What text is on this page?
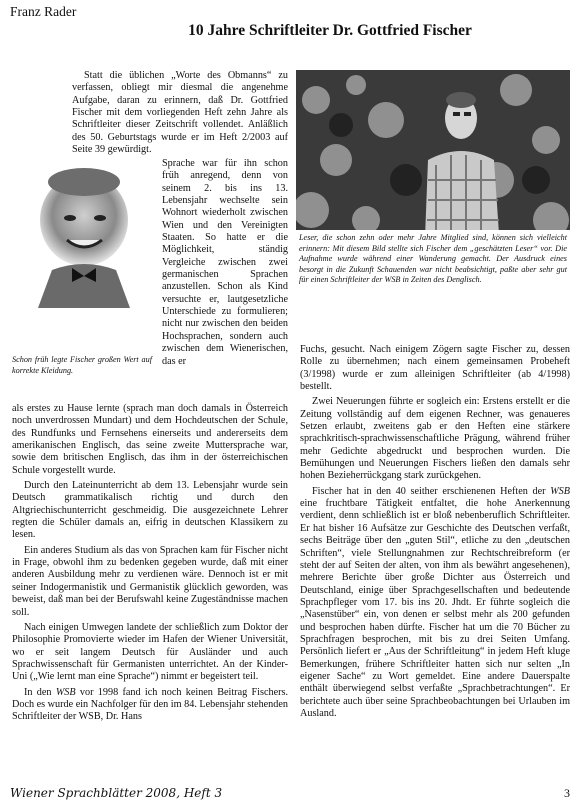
Franz Rader
10 Jahre Schriftleiter Dr. Gottfried Fischer

Statt die üblichen „Worte des Obmanns“ zu verfassen, obliegt mir diesmal die angenehme Aufgabe, daran zu erinnern, daß Dr. Gottfried Fischer mit dem vorliegenden Heft zehn Jahre als Schriftleiter dieser Zeitschrift vollendet. Anläßlich des 50. Geburtstags wurde er im Heft 2/2003 auf Seite 39 gewürdigt.

Sprache war für ihn schon früh anregend, denn von seinem 2. bis ins 13. Lebensjahr wechselte sein Wohnort wiederholt zwischen Wien und den Vereinigten Staaten. So hatte er die Möglichkeit, ständig Vergleiche zwischen zwei germanischen Sprachen anzustellen. Schon als Kind versuchte er, lautgesetzliche Unterschiede zu formulieren; nicht nur zwischen den beiden Hochsprachen, sondern auch zwischen dem Wienerischen, das er

Schon früh legte Fischer großen Wert auf korrekte Kleidung.

als erstes zu Hause lernte (sprach man doch damals in Österreich noch unverdrossen Mundart) und dem Hochdeutschen der Schule, des Rundfunks und Fernsehens einerseits und andererseits dem amerikanischen Englisch, das seine zweite Muttersprache war, sowie dem britischen Englisch, das ihm in der österreichischen Schule vorgestellt wurde.

Durch den Lateinunterricht ab dem 13. Lebensjahr wurde sein Deutsch grammatikalisch richtig und durch den Altgriechischunterricht geschmeidig. Die ausgezeichnete Lehrer regten die Schüler damals an, eifrig in deutschen Klassikern zu lesen.

Ein anderes Studium als das von Sprachen kam für Fischer nicht in Frage, obwohl ihm zu bedenken gegeben wurde, daß mit einer anderen Ausbildung mehr zu verdienen wäre. Dennoch ist er mit seiner Indogermanistik und Germanistik glücklich geworden, was beweist, daß man bei der Berufswahl keine Zugeständnisse machen soll.

Nach einigen Umwegen landete der schließlich zum Doktor der Philosophie Promovierte wieder im Hafen der Wiener Universität, wo er seit langem Deutsch für Ausländer und auch Sprachwissenschaft für Germanisten unterrichtet. An der Kinder-Uni („Wie lernt man eine Sprache“) nimmt er begeistert teil.

In den WSB vor 1998 fand ich noch keinen Beitrag Fischers. Doch es wurde ein Nachfolger für den im 84. Lebensjahr stehenden Schriftleiter der WSB, Dr. Hans

Leser, die schon zehn oder mehr Jahre Mitglied sind, können sich vielleicht erinnern: Mit diesem Bild stellte sich Fischer dem „geschätzten Leser“ vor. Die Aufnahme wurde während einer Wanderung gemacht. Der Ausdruck eines besorgt in die Zukunft Schauenden war nicht beabsichtigt, paßte aber sehr gut für einen Schriftleiter der WSB in Zeiten des Denglisch.

Fuchs, gesucht. Nach einigem Zögern sagte Fischer zu, dessen Rolle zu übernehmen; nach einem gemeinsamen Probeheft (3/1998) wurde er zum alleinigen Schriftleiter (ab 4/1998) bestellt.

Zwei Neuerungen führte er sogleich ein: Erstens erstellt er die Zeitung vollständig auf dem eigenen Rechner, was genaueres Setzen erlaubt, zweitens gab er den Heften eine stärkere sprachkritisch-sprachwissenschaftliche Prägung, während früher mehr Gedichte abgedruckt und besprochen wurden. Die Bemühungen und Neuerungen Fischers ließen den damals sehr hohen Bezieherrückgang stark zurückgehen.

Fischer hat in den 40 seither erschienenen Heften der WSB eine fruchtbare Tätigkeit entfaltet, die hohe Anerkennung verdient, denn schließlich ist er bloß nebenberuflich Schriftleiter. Er hat bisher 16 Aufsätze zur Geschichte des Deutschen verfaßt, sechs Beiträge über den „guten Stil“, etliche zu den „deutschen Schriften“, viele Stellungnahmen zur Rechtschreibreform (er steht der auf Seiten der alten, von ihm als bewährt angesehenen), mehrere Berichte über große Dichter aus Österreich und Deutschland, einige über Sprachgesellschaften und bedeutende Sprachpfleger vom 17. bis ins 20. Jhdt. Er führte sogleich die „Nasenstüber“ ein, von denen er selbst mehr als 200 gefunden und besprochen haben dürfte. Fischer hat um die 70 Bücher zu Sprachfragen besprochen, mit bis zu drei Seiten Umfang. Persönlich liefert er „Aus der Schriftleitung“ in jedem Heft kluge Bemerkungen, frühere Schriftleiter hatten sich nur selten „In eigener Sache“ zu Wort gemeldet. Eine andere Dauerspalte enthält überwiegend selbst verfaßte „Sprachbetrachtungen“. Er berichtete auch über seine Sprachbeobachtungen bei Urlauben im Ausland.

Wiener Sprachblätter 2008, Heft 3	3
